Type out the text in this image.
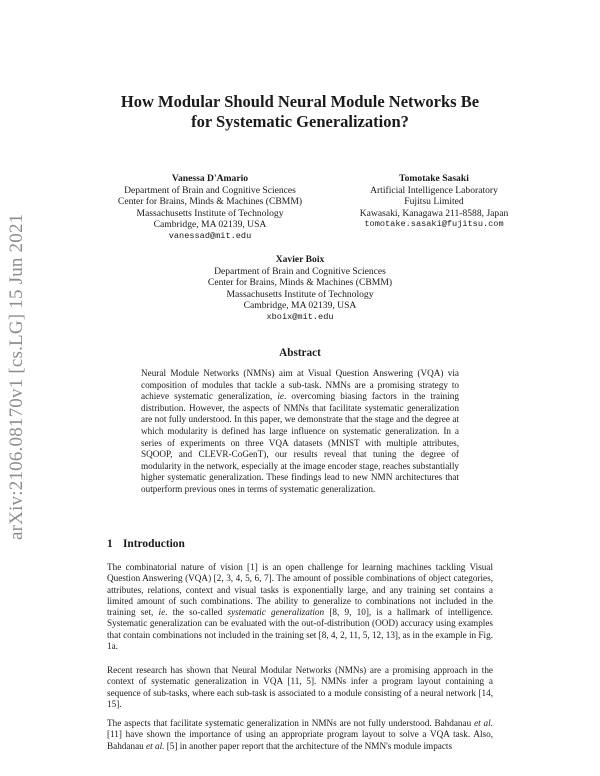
arXiv:2106.08170v1 [cs.LG] 15 Jun 2021
How Modular Should Neural Module Networks Be
for Systematic Generalization?
Vanessa D'Amario
Department of Brain and Cognitive Sciences
Center for Brains, Minds & Machines (CBMM)
Massachusetts Institute of Technology
Cambridge, MA 02139, USA
vanessad@mit.edu
Tomotake Sasaki
Artificial Intelligence Laboratory
Fujitsu Limited
Kawasaki, Kanagawa 211-8588, Japan
tomotake.sasaki@fujitsu.com
Xavier Boix
Department of Brain and Cognitive Sciences
Center for Brains, Minds & Machines (CBMM)
Massachusetts Institute of Technology
Cambridge, MA 02139, USA
xboix@mit.edu
Abstract
Neural Module Networks (NMNs) aim at Visual Question Answering (VQA) via composition of modules that tackle a sub-task. NMNs are a promising strategy to achieve systematic generalization, ie. overcoming biasing factors in the training distribution. However, the aspects of NMNs that facilitate systematic generalization are not fully understood. In this paper, we demonstrate that the stage and the degree at which modularity is defined has large influence on systematic generalization. In a series of experiments on three VQA datasets (MNIST with multiple attributes, SQOOP, and CLEVR-CoGenT), our results reveal that tuning the degree of modularity in the network, especially at the image encoder stage, reaches substantially higher systematic generalization. These findings lead to new NMN architectures that outperform previous ones in terms of systematic generalization.
1 Introduction

The combinatorial nature of vision [1] is an open challenge for learning machines tackling Visual Question Answering (VQA) [2, 3, 4, 5, 6, 7]. The amount of possible combinations of object categories, attributes, relations, context and visual tasks is exponentially large, and any training set contains a limited amount of such combinations. The ability to generalize to combinations not included in the training set, ie. the so-called systematic generalization [8, 9, 10], is a hallmark of intelligence. Systematic generalization can be evaluated with the out-of-distribution (OOD) accuracy using examples that contain combinations not included in the training set [8, 4, 2, 11, 5, 12, 13], as in the example in Fig. 1a.

Recent research has shown that Neural Modular Networks (NMNs) are a promising approach in the context of systematic generalization in VQA [11, 5]. NMNs infer a program layout containing a sequence of sub-tasks, where each sub-task is associated to a module consisting of a neural network [14, 15].

The aspects that facilitate systematic generalization in NMNs are not fully understood. Bahdanau et al. [11] have shown the importance of using an appropriate program layout to solve a VQA task. Also, Bahdanau et al. [5] in another paper report that the architecture of the NMN's module impacts
